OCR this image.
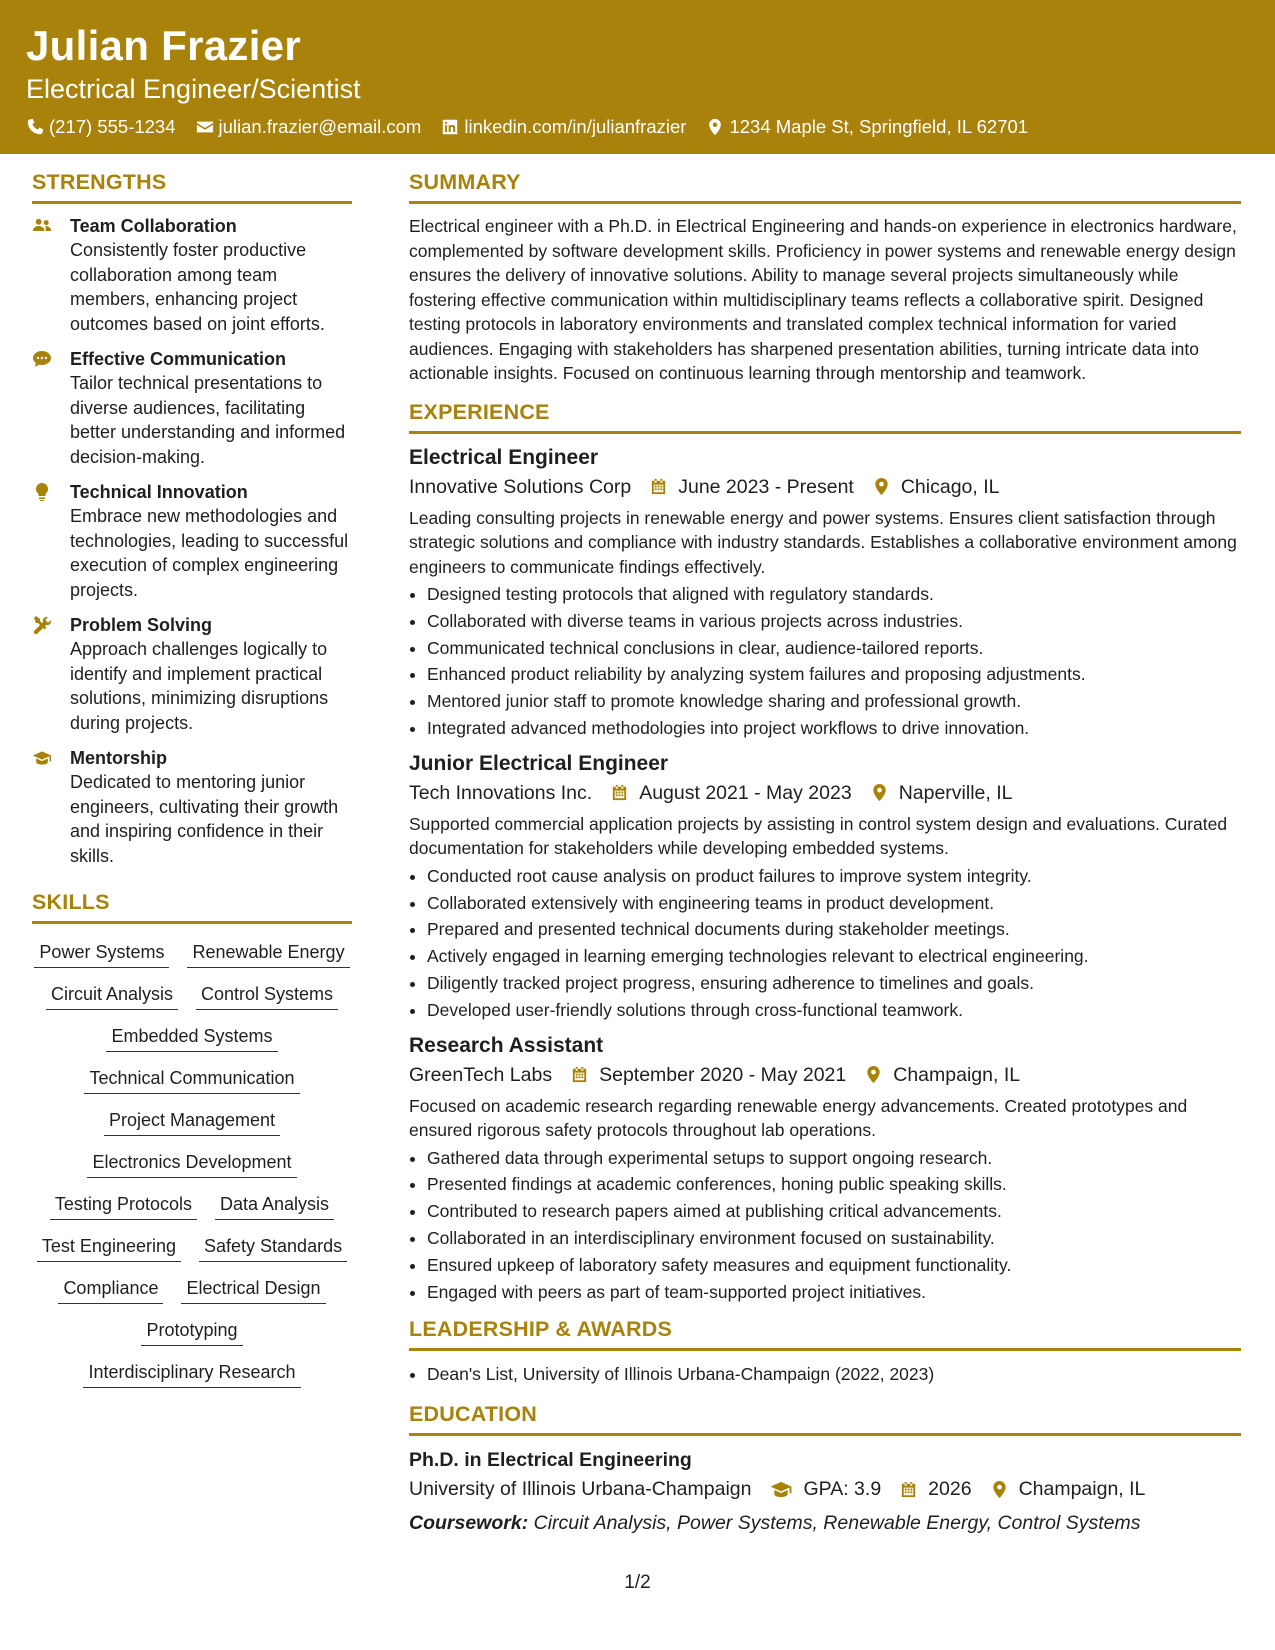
Julian Frazier
Electrical Engineer/Scientist
(217) 555-1234 julian.frazier@email.com linkedin.com/in/julianfrazier 1234 Maple St, Springfield, IL 62701
STRENGTHS
Team Collaboration
Consistently foster productive collaboration among team members, enhancing project outcomes based on joint efforts.
Effective Communication
Tailor technical presentations to diverse audiences, facilitating better understanding and informed decision-making.
Technical Innovation
Embrace new methodologies and technologies, leading to successful execution of complex engineering projects.
Problem Solving
Approach challenges logically to identify and implement practical solutions, minimizing disruptions during projects.
Mentorship
Dedicated to mentoring junior engineers, cultivating their growth and inspiring confidence in their skills.
SKILLS
Power Systems Renewable Energy
Circuit Analysis Control Systems
Embedded Systems
Technical Communication
Project Management
Electronics Development
Testing Protocols Data Analysis
Test Engineering Safety Standards
Compliance Electrical Design
Prototyping
Interdisciplinary Research
SUMMARY
Electrical engineer with a Ph.D. in Electrical Engineering and hands-on experience in electronics hardware, complemented by software development skills. Proficiency in power systems and renewable energy design ensures the delivery of innovative solutions. Ability to manage several projects simultaneously while fostering effective communication within multidisciplinary teams reflects a collaborative spirit. Designed testing protocols in laboratory environments and translated complex technical information for varied audiences. Engaging with stakeholders has sharpened presentation abilities, turning intricate data into actionable insights. Focused on continuous learning through mentorship and teamwork.
EXPERIENCE
Electrical Engineer
Innovative Solutions Corp June 2023 - Present Chicago, IL
Leading consulting projects in renewable energy and power systems. Ensures client satisfaction through strategic solutions and compliance with industry standards. Establishes a collaborative environment among engineers to communicate findings effectively.
• Designed testing protocols that aligned with regulatory standards.
• Collaborated with diverse teams in various projects across industries.
• Communicated technical conclusions in clear, audience-tailored reports.
• Enhanced product reliability by analyzing system failures and proposing adjustments.
• Mentored junior staff to promote knowledge sharing and professional growth.
• Integrated advanced methodologies into project workflows to drive innovation.
Junior Electrical Engineer
Tech Innovations Inc. August 2021 - May 2023 Naperville, IL
Supported commercial application projects by assisting in control system design and evaluations. Curated documentation for stakeholders while developing embedded systems.
• Conducted root cause analysis on product failures to improve system integrity.
• Collaborated extensively with engineering teams in product development.
• Prepared and presented technical documents during stakeholder meetings.
• Actively engaged in learning emerging technologies relevant to electrical engineering.
• Diligently tracked project progress, ensuring adherence to timelines and goals.
• Developed user-friendly solutions through cross-functional teamwork.
Research Assistant
GreenTech Labs September 2020 - May 2021 Champaign, IL
Focused on academic research regarding renewable energy advancements. Created prototypes and ensured rigorous safety protocols throughout lab operations.
• Gathered data through experimental setups to support ongoing research.
• Presented findings at academic conferences, honing public speaking skills.
• Contributed to research papers aimed at publishing critical advancements.
• Collaborated in an interdisciplinary environment focused on sustainability.
• Ensured upkeep of laboratory safety measures and equipment functionality.
• Engaged with peers as part of team-supported project initiatives.
LEADERSHIP & AWARDS
• Dean's List, University of Illinois Urbana-Champaign (2022, 2023)
EDUCATION
Ph.D. in Electrical Engineering
University of Illinois Urbana-Champaign	GPA: 3.9 2026 Champaign, IL
Coursework: Circuit Analysis, Power Systems, Renewable Energy, Control Systems
1/2
